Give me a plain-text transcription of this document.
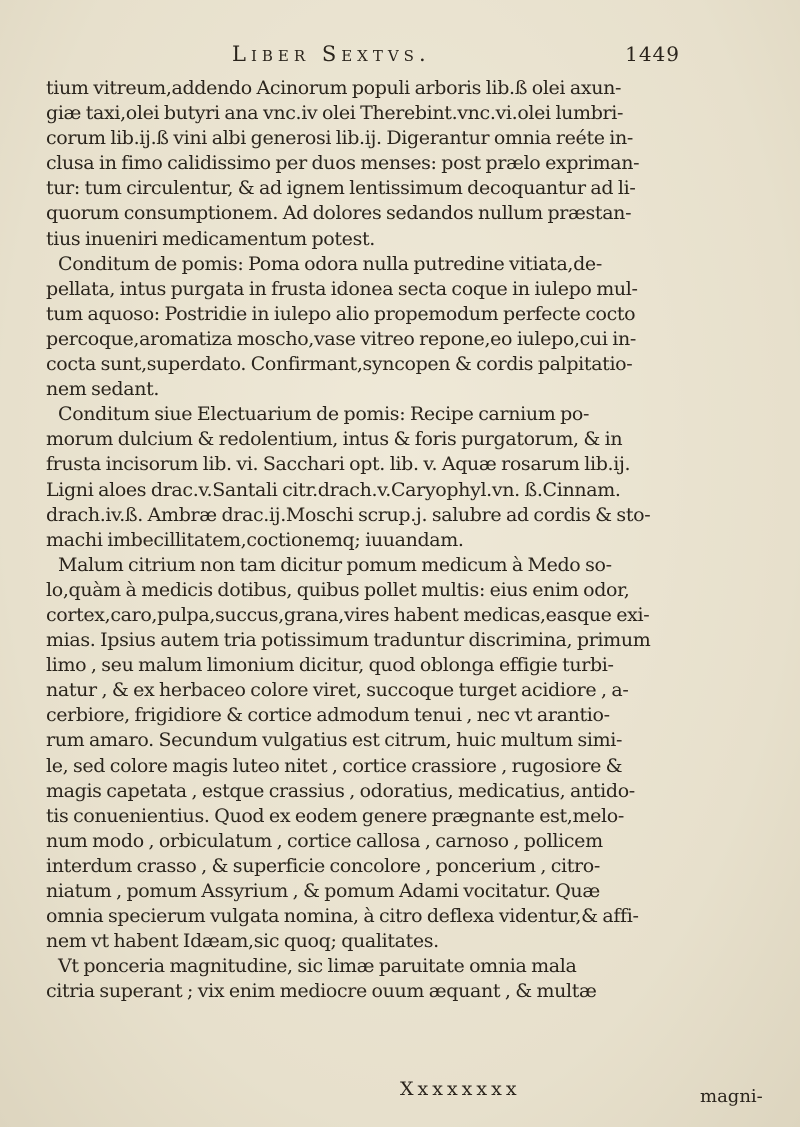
Liber Sextvs.	1449
tium vitreum,addendo Acinorum populi arboris lib.ß olei axun-
giæ taxi,olei butyri ana vnc.iv olei Therebint.vnc.vi.olei lumbri-
corum lib.ij.ß vini albi generosi lib.ij. Digerantur omnia reéte in-
clusa in fimo calidissimo per duos menses: post prælo expriman-
tur: tum circulentur, & ad ignem lentissimum decoquantur ad li-
quorum consumptionem. Ad dolores sedandos nullum præstan-
tius inueniri medicamentum potest.
Conditum de pomis: Poma odora nulla putredine vitiata,de-
pellata, intus purgata in frusta idonea secta coque in iulepo mul-
tum aquoso: Postridie in iulepo alio propemodum perfecte cocto
percoque,aromatiza moscho,vase vitreo repone,eo iulepo,cui in-
cocta sunt,superdato. Confirmant,syncopen & cordis palpitatio-
nem sedant.
Conditum siue Electuarium de pomis: Recipe carnium po-
morum dulcium & redolentium, intus & foris purgatorum, & in
frusta incisorum lib. vi. Sacchari opt. lib. v. Aquæ rosarum lib.ij.
Ligni aloes drac.v.Santali citr.drach.v.Caryophyl.vn. ß.Cinnam.
drach.iv.ß. Ambræ drac.ij.Moschi scrup.j. salubre ad cordis & sto-
machi imbecillitatem,coctionemq; iuuandam.
Malum citrium non tam dicitur pomum medicum à Medo so-
lo,quàm à medicis dotibus, quibus pollet multis: eius enim odor,
cortex,caro,pulpa,succus,grana,vires habent medicas,easque exi-
mias. Ipsius autem tria potissimum traduntur discrimina, primum
limo , seu malum limonium dicitur, quod oblonga effigie turbi-
natur , & ex herbaceo colore viret, succoque turget acidiore , a-
cerbiore, frigidiore & cortice admodum tenui , nec vt arantio-
rum amaro. Secundum vulgatius est citrum, huic multum simi-
le, sed colore magis luteo nitet , cortice crassiore , rugosiore &
magis capetata , estque crassius , odoratius, medicatius, antido-
tis conuenientius. Quod ex eodem genere prægnante est,melo-
num modo , orbiculatum , cortice callosa , carnoso , pollicem
interdum crasso , & superficie concolore , poncerium , citro-
niatum , pomum Assyrium , & pomum Adami vocitatur. Quæ
omnia specierum vulgata nomina, à citro deflexa videntur,& affi-
nem vt habent Idæam,sic quoq; qualitates.
Vt ponceria magnitudine, sic limæ paruitate omnia mala
citria superant ; vix enim mediocre ouum æquant , & multæ
Xxxxxxxx	magni-
